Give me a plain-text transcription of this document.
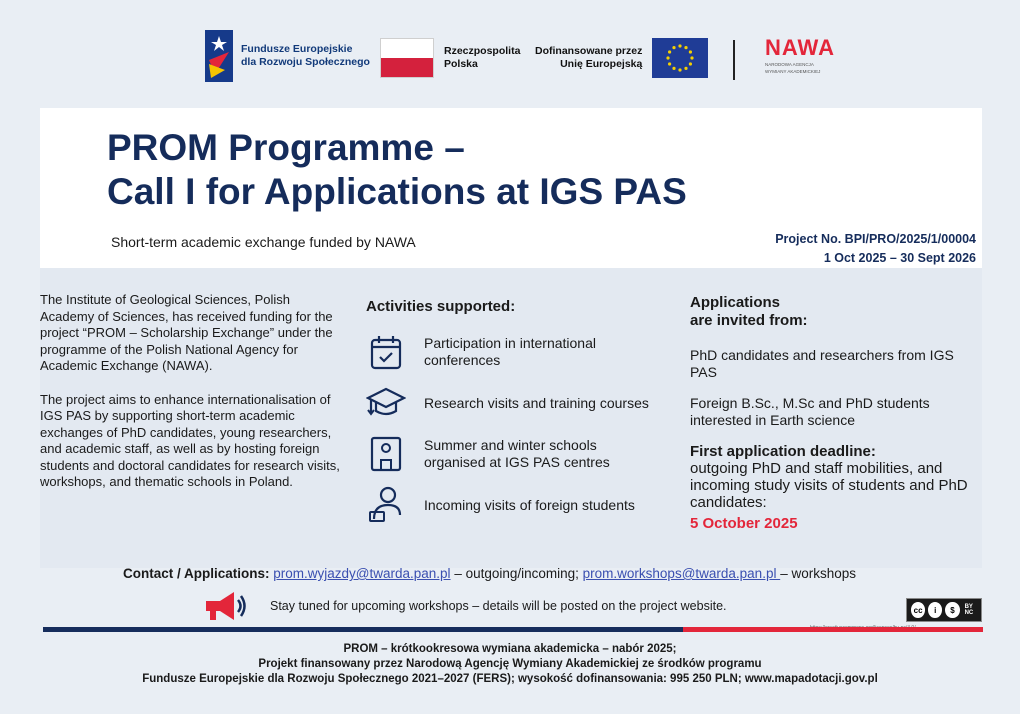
Fundusze Europejskie
dla Rozwoju Społecznego
Rzeczpospolita
Polska
Dofinansowane przez
Unię Europejską
NAWA
NARODOWA AGENCJA
WYMIANY AKADEMICKIEJ
PROM Programme –
Call I for Applications at IGS PAS
Short-term academic exchange funded by NAWA	Project No. BPI/PRO/2025/1/00004
1 Oct 2025 – 30 Sept 2026

The Institute of Geological Sciences, Polish Academy of Sciences, has received funding for the project “PROM – Scholarship Exchange” under the programme of the Polish National Agency for Academic Exchange (NAWA).

The project aims to enhance internationalisation of IGS PAS by supporting short-term academic exchanges of PhD candidates, young researchers, and academic staff, as well as by hosting foreign students and doctoral candidates for research visits, workshops, and thematic schools in Poland.

Activities supported:
Participation in international conferences
Research visits and training courses
Summer and winter schools organised at IGS PAS centres
Incoming visits of foreign students
Applications
are invited from:
PhD candidates and researchers from IGS PAS
Foreign B.Sc., M.Sc and PhD students interested in Earth science
First application deadline:
outgoing PhD and staff mobilities, and incoming study visits of students and PhD candidates:
5 October 2025
Contact / Applications: prom.wyjazdy@twarda.pan.pl – outgoing/incoming; prom.workshops@twarda.pan.pl – workshops
Stay tuned for upcoming workshops – details will be posted on the project website.	cc	i	$	BY NC
PROM – krótkookresowa wymiana akademicka – nabór 2025;
Projekt finansowany przez Narodową Agencję Wymiany Akademickiej ze środków programu
Fundusze Europejskie dla Rozwoju Społecznego 2021–2027 (FERS); wysokość dofinansowania: 995 250 PLN; www.mapadotacji.gov.pl
